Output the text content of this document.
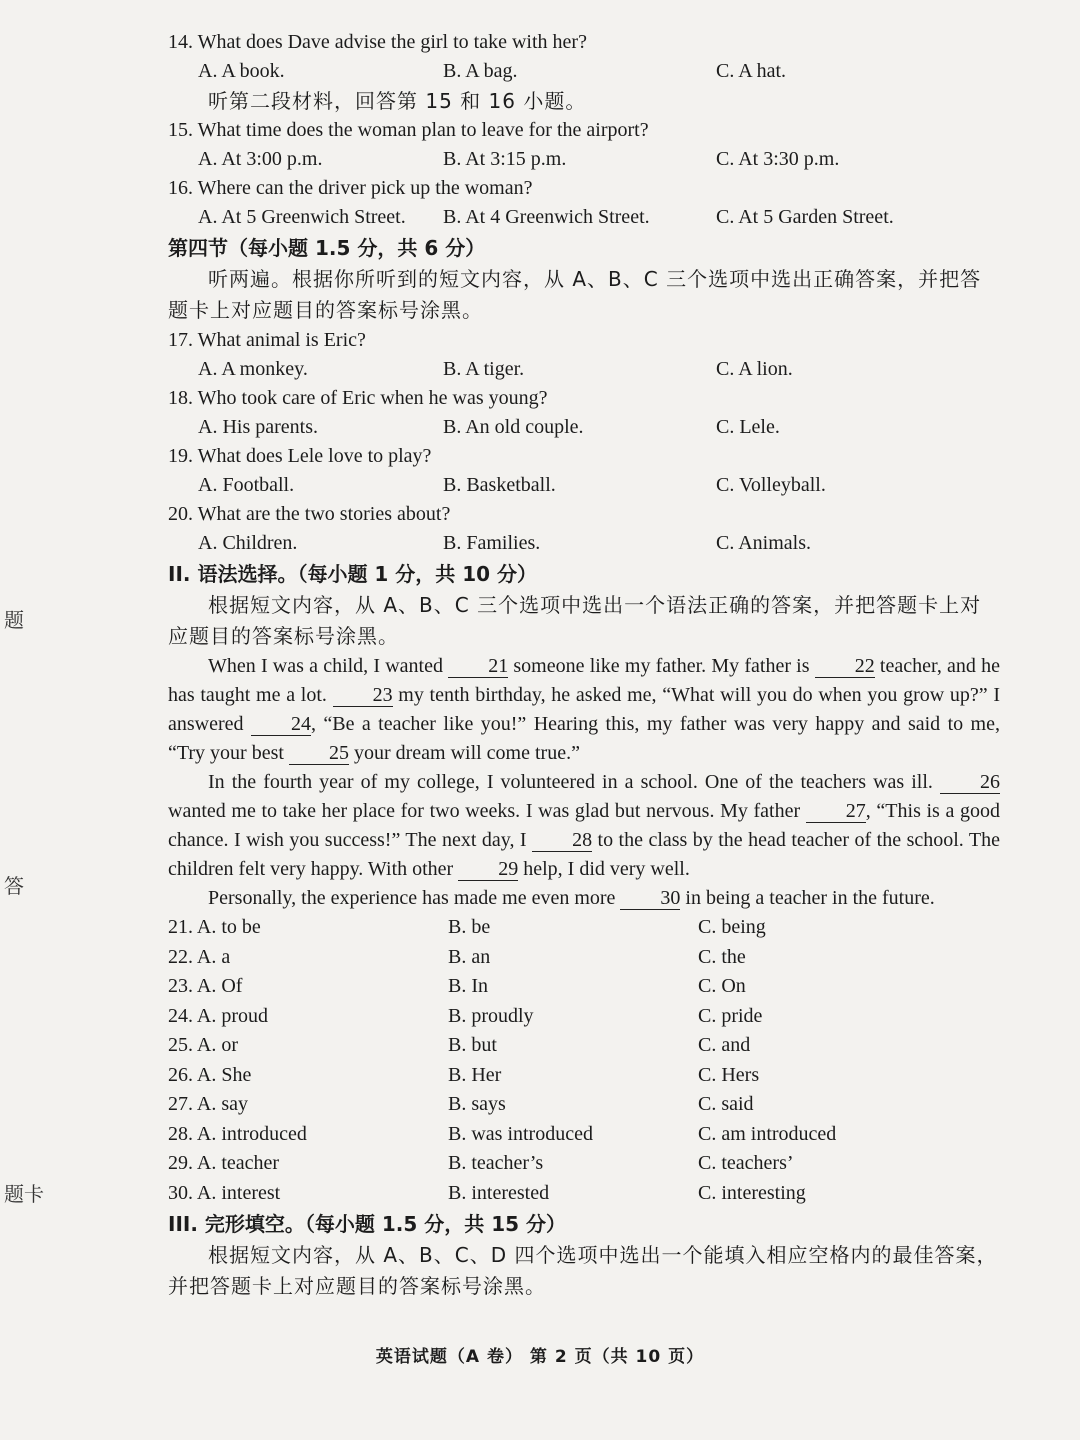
题
答
题卡
14. What does Dave advise the girl to take with her?
A. A book.	B. A bag.	C. A hat.
听第二段材料，回答第 15 和 16 小题。
15. What time does the woman plan to leave for the airport?
A. At 3:00 p.m.	B. At 3:15 p.m.	C. At 3:30 p.m.
16. Where can the driver pick up the woman?
A. At 5 Greenwich Street. B. At 4 Greenwich Street.	C. At 5 Garden Street.
第四节（每小题 1.5 分，共 6 分）
听两遍。根据你所听到的短文内容，从 A、B、C 三个选项中选出正确答案，并把答题卡上对应题目的答案标号涂黑。
17. What animal is Eric?
A. A monkey.	B. A tiger.	C. A lion.
18. Who took care of Eric when he was young?
A. His parents.	B. An old couple.	C. Lele.
19. What does Lele love to play?
A. Football.	B. Basketball.	C. Volleyball.
20. What are the two stories about?
A. Children.	B. Families.	C. Animals.
II. 语法选择。（每小题 1 分，共 10 分）
根据短文内容，从 A、B、C 三个选项中选出一个语法正确的答案，并把答题卡上对应题目的答案标号涂黑。

When I was a child, I wanted 21 someone like my father. My father is 22 teacher, and he has taught me a lot. 23 my tenth birthday, he asked me, “What will you do when you grow up?” I answered 24, “Be a teacher like you!” Hearing this, my father was very happy and said to me, “Try your best 25 your dream will come true.”

In the fourth year of my college, I volunteered in a school. One of the teachers was ill. 26 wanted me to take her place for two weeks. I was glad but nervous. My father 27, “This is a good chance. I wish you success!” The next day, I 28 to the class by the head teacher of the school. The children felt very happy. With other 29 help, I did very well.

Personally, the experience has made me even more 30 in being a teacher in the future.

21. A. to be	B. be	C. being
22. A. a	B. an	C. the
23. A. Of	B. In	C. On
24. A. proud	B. proudly	C. pride
25. A. or	B. but	C. and
26. A. She	B. Her	C. Hers
27. A. say	B. says	C. said
28. A. introduced	B. was introduced	C. am introduced
29. A. teacher	B. teacher’s	C. teachers’
30. A. interest	B. interested	C. interesting
III. 完形填空。（每小题 1.5 分，共 15 分）
根据短文内容，从 A、B、C、D 四个选项中选出一个能填入相应空格内的最佳答案，并把答题卡上对应题目的答案标号涂黑。
英语试题（A 卷） 第 2 页（共 10 页）
